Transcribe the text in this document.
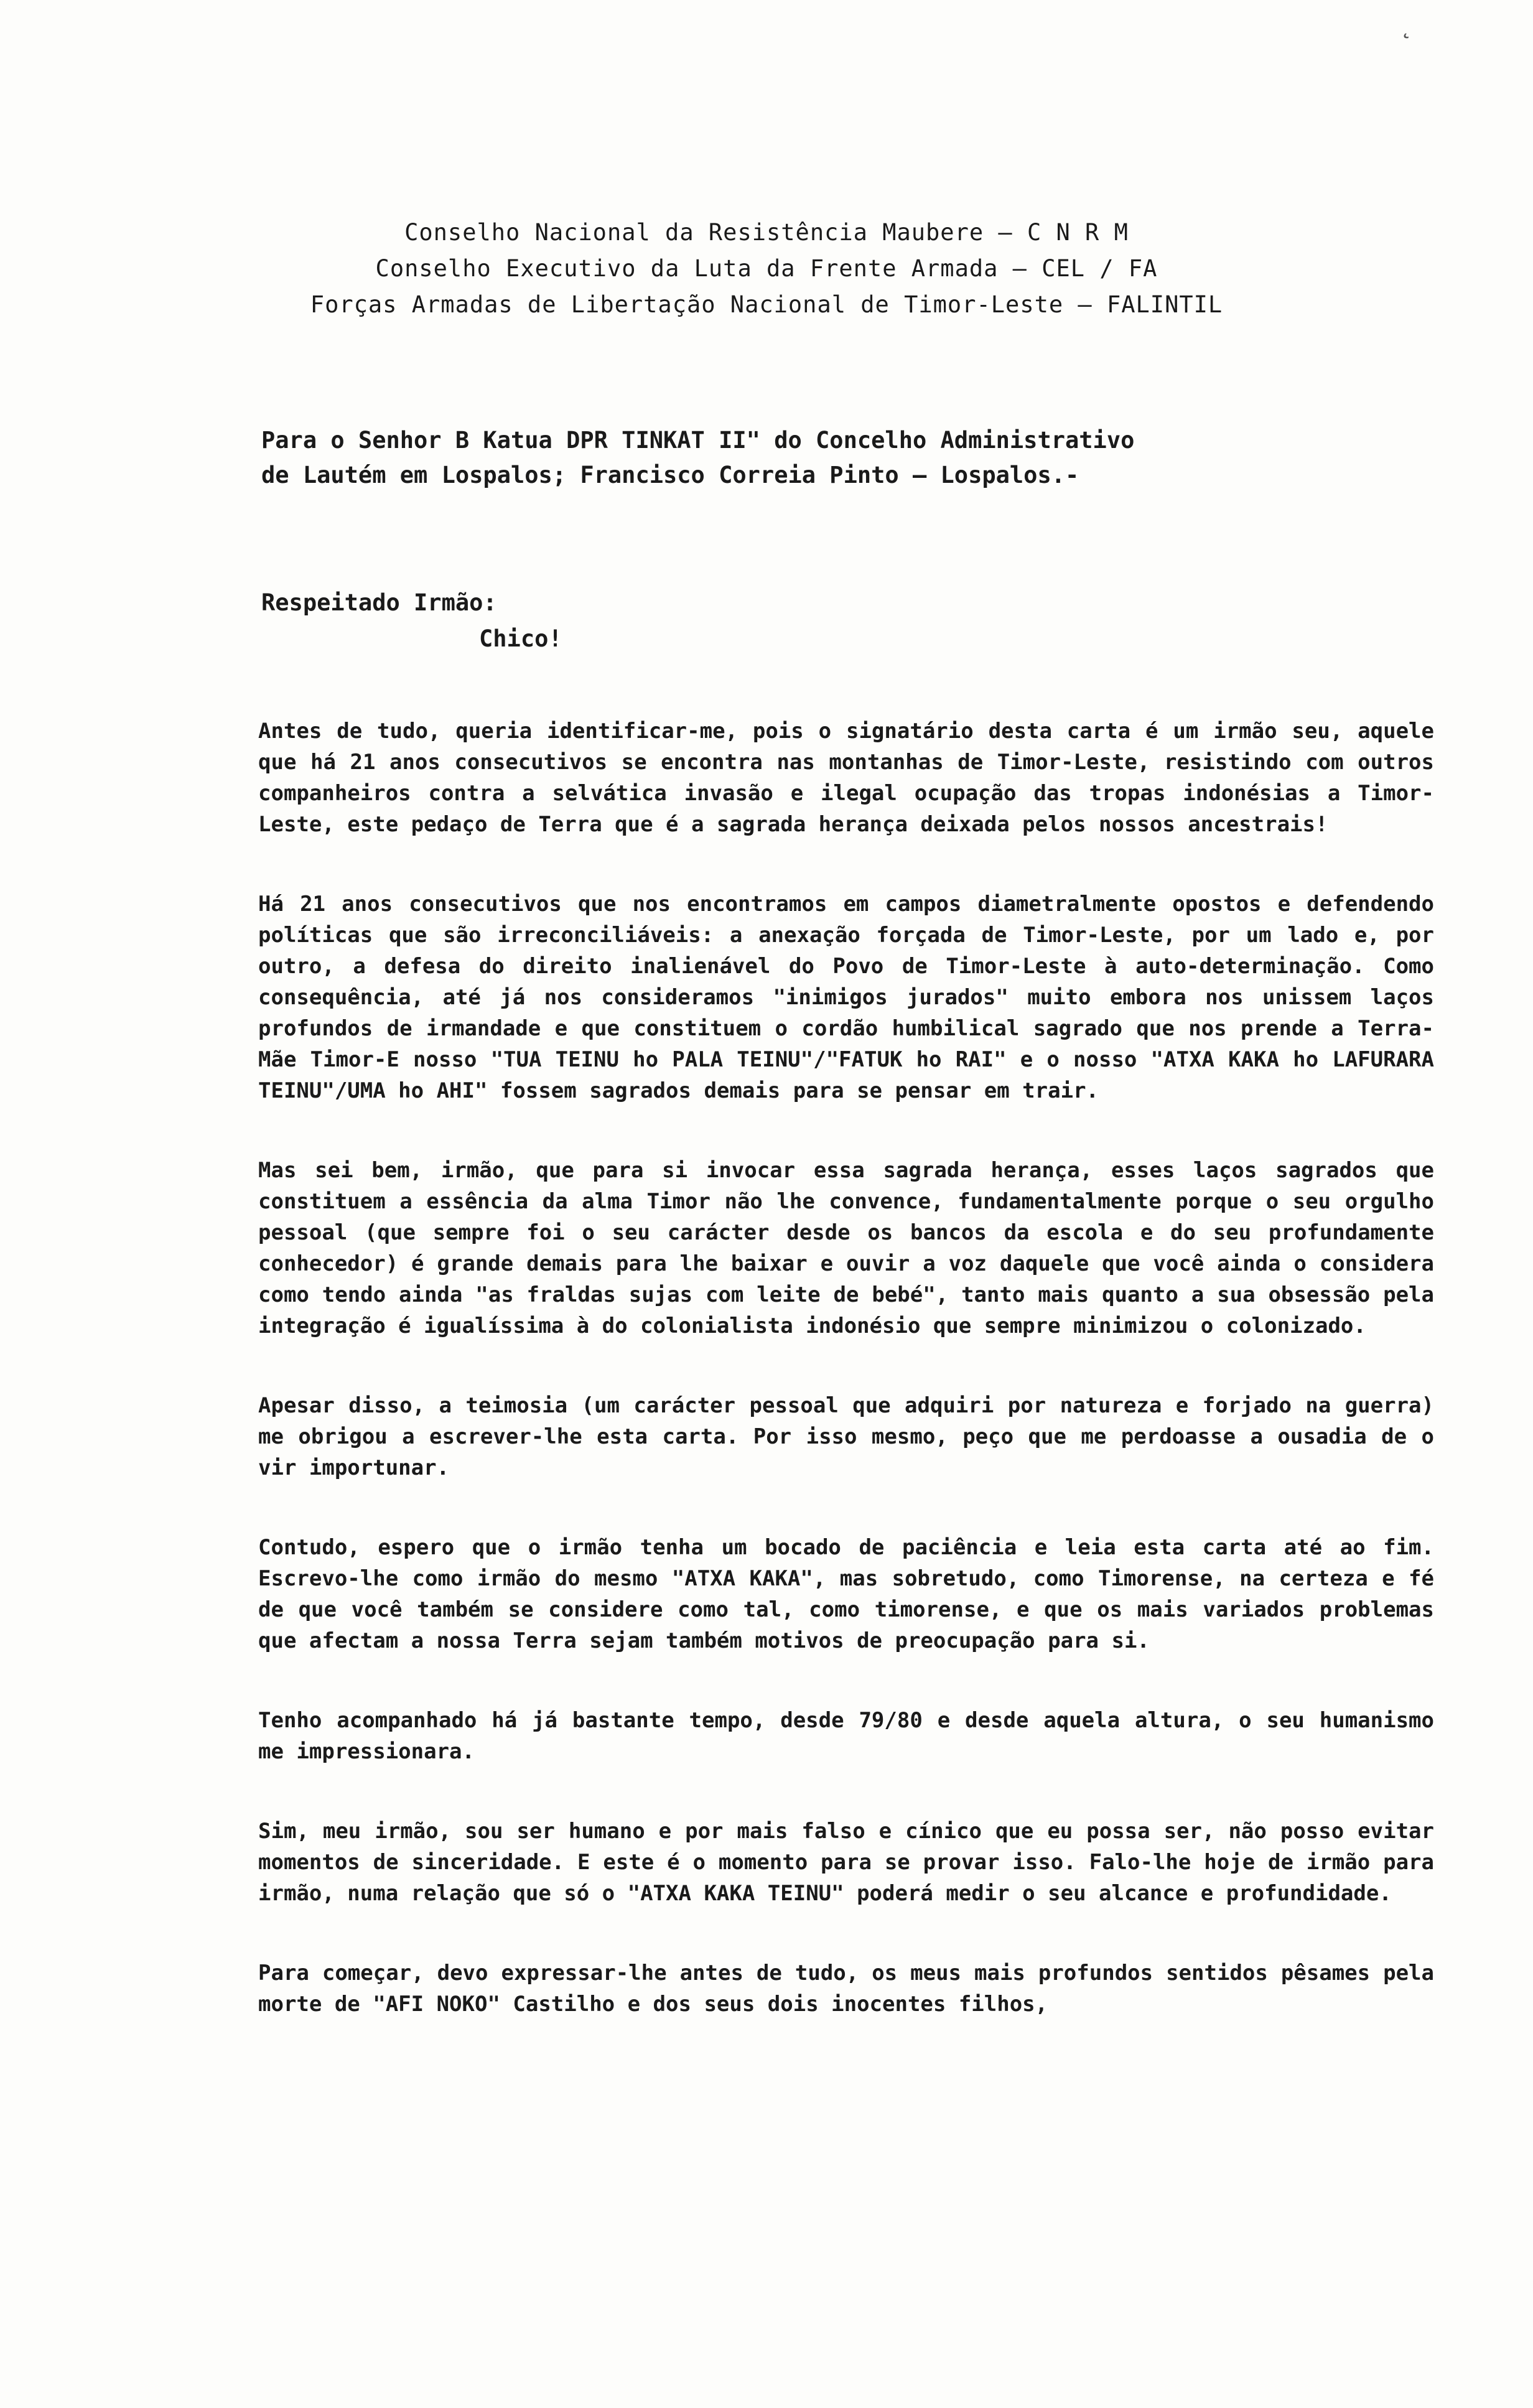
˛
Conselho Nacional da Resistência Maubere – C N R M
Conselho Executivo da Luta da Frente Armada – CEL / FA
Forças Armadas de Libertação Nacional de Timor-Leste – FALINTIL
Para o Senhor B Katua DPR TINKAT II" do Concelho Administrativo
de Lautém em Lospalos; Francisco Correia Pinto – Lospalos.-
Respeitado Irmão:
Chico!

Antes de tudo, queria identificar-me, pois o signatário desta carta é um irmão seu, aquele que há 21 anos consecutivos se encontra nas montanhas de Timor-Leste, resistindo com outros companheiros contra a selvática invasão e ilegal ocupação das tropas indonésias a Timor-Leste, este pedaço de Terra que é a sagrada herança deixada pelos nossos ancestrais!

Há 21 anos consecutivos que nos encontramos em campos diametralmente opostos e defendendo políticas que são irreconciliáveis: a anexação forçada de Timor-Leste, por um lado e, por outro, a defesa do direito inalienável do Povo de Timor-Leste à auto-determinação. Como consequência, até já nos consideramos "inimigos jurados" muito embora nos unissem laços profundos de irmandade e que constituem o cordão humbilical sagrado que nos prende a Terra-Mãe Timor-E nosso "TUA TEINU ho PALA TEINU"/"FATUK ho RAI" e o nosso "ATXA KAKA ho LAFURARA TEINU"/UMA ho AHI" fossem sagrados demais para se pensar em trair.

Mas sei bem, irmão, que para si invocar essa sagrada herança, esses laços sagrados que constituem a essência da alma Timor não lhe convence, fundamentalmente porque o seu orgulho pessoal (que sempre foi o seu carácter desde os bancos da escola e do seu profundamente conhecedor) é grande demais para lhe baixar e ouvir a voz daquele que você ainda o considera como tendo ainda "as fraldas sujas com leite de bebé", tanto mais quanto a sua obsessão pela integração é igualíssima à do colonialista indonésio que sempre minimizou o colonizado.

Apesar disso, a teimosia (um carácter pessoal que adquiri por natureza e forjado na guerra) me obrigou a escrever-lhe esta carta. Por isso mesmo, peço que me perdoasse a ousadia de o vir importunar.

Contudo, espero que o irmão tenha um bocado de paciência e leia esta carta até ao fim. Escrevo-lhe como irmão do mesmo "ATXA KAKA", mas sobretudo, como Timorense, na certeza e fé de que você também se considere como tal, como timorense, e que os mais variados problemas que afectam a nossa Terra sejam também motivos de preocupação para si.

Tenho acompanhado há já bastante tempo, desde 79/80 e desde aquela altura, o seu humanismo me impressionara.

Sim, meu irmão, sou ser humano e por mais falso e cínico que eu possa ser, não posso evitar momentos de sinceridade. E este é o momento para se provar isso. Falo-lhe hoje de irmão para irmão, numa relação que só o "ATXA KAKA TEINU" poderá medir o seu alcance e profundidade.

Para começar, devo expressar-lhe antes de tudo, os meus mais profundos sentidos pêsames pela morte de "AFI NOKO" Castilho e dos seus dois inocentes filhos,
